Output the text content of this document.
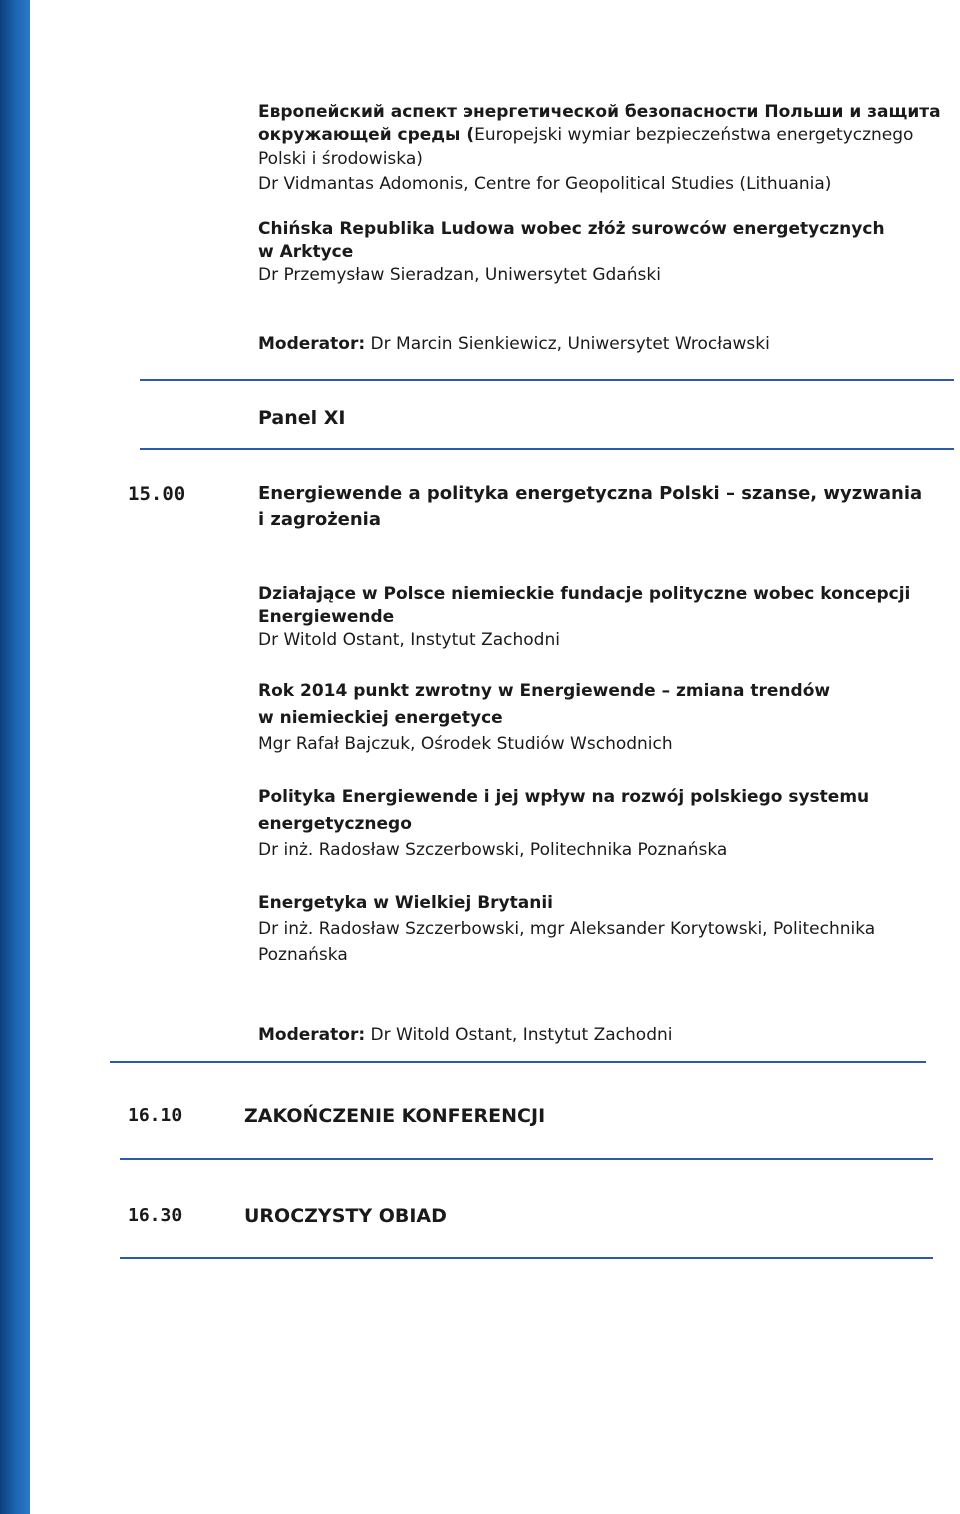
Европейский аспект энергетической безопасности Польши и защита
окружающей среды (Europejski wymiar bezpieczeństwa energetycznego
Polski i środowiska)
Dr Vidmantas Adomonis, Centre for Geopolitical Studies (Lithuania)
Chińska Republika Ludowa wobec złóż surowców energetycznych
w Arktyce
Dr Przemysław Sieradzan, Uniwersytet Gdański
Moderator: Dr Marcin Sienkiewicz, Uniwersytet Wrocławski
Panel XI
15.00	Energiewende a polityka energetyczna Polski – szanse, wyzwania
i zagrożenia
Działające w Polsce niemieckie fundacje polityczne wobec koncepcji
Energiewende
Dr Witold Ostant, Instytut Zachodni
Rok 2014 punkt zwrotny w Energiewende – zmiana trendów
w niemieckiej energetyce
Mgr Rafał Bajczuk, Ośrodek Studiów Wschodnich
Polityka Energiewende i jej wpływ na rozwój polskiego systemu
energetycznego
Dr inż. Radosław Szczerbowski, Politechnika Poznańska
Energetyka w Wielkiej Brytanii
Dr inż. Radosław Szczerbowski, mgr Aleksander Korytowski, Politechnika
Poznańska
Moderator: Dr Witold Ostant, Instytut Zachodni
16.10	ZAKOŃCZENIE KONFERENCJI
16.30	UROCZYSTY OBIAD
